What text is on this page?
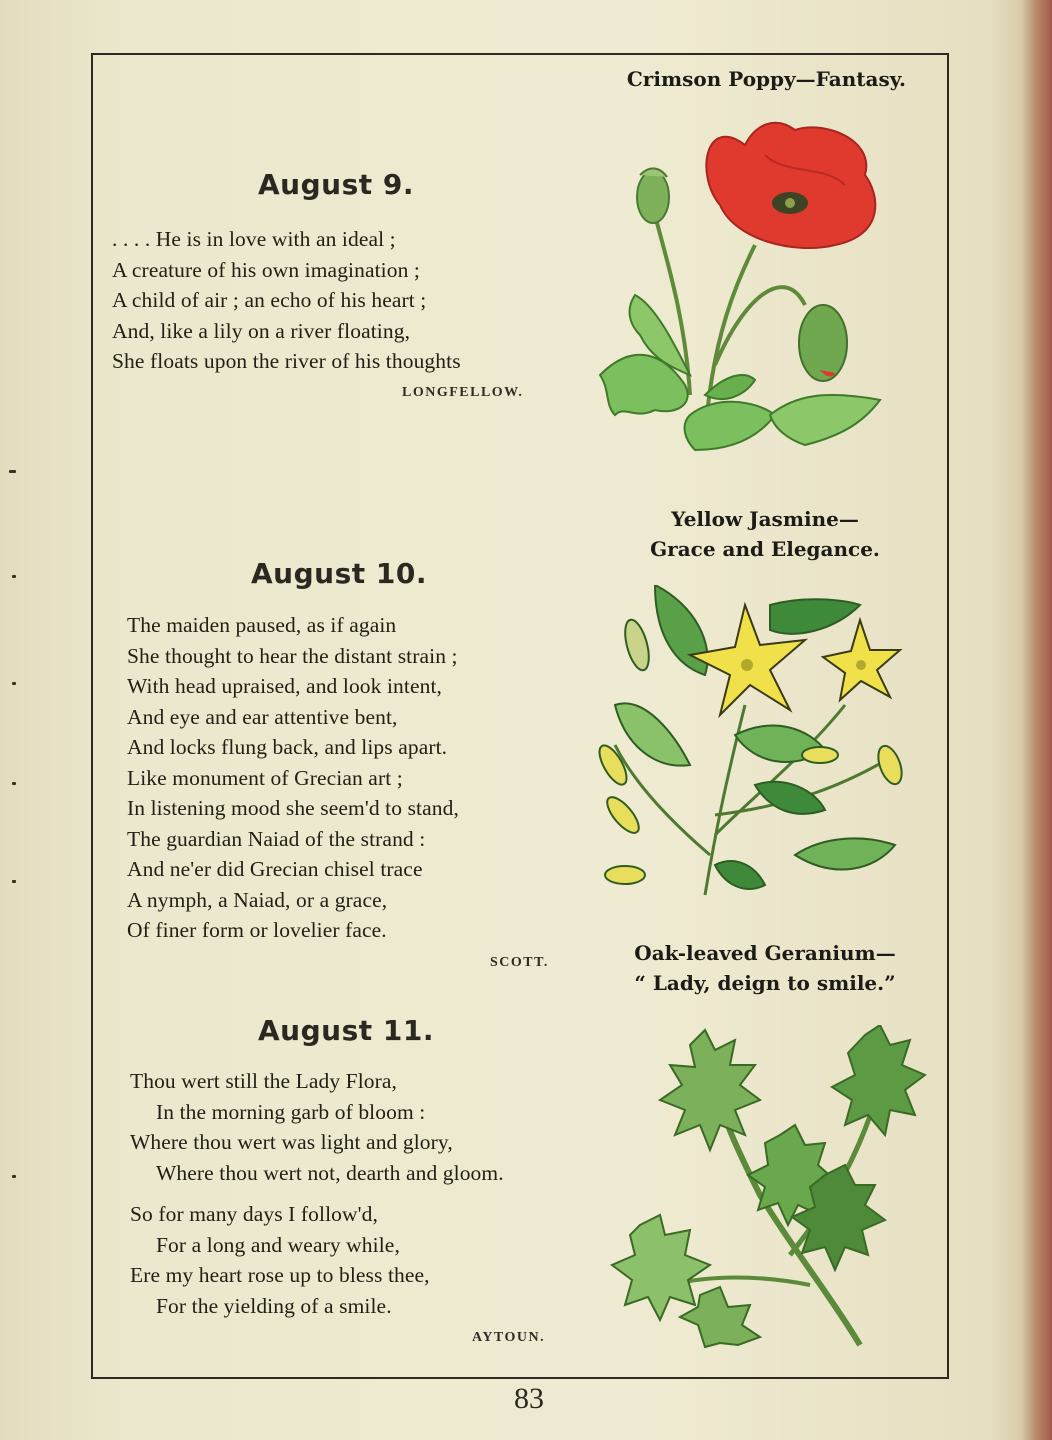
August 9.
. . . . He is in love with an ideal ;
A creature of his own imagination ;
A child of air ; an echo of his heart ;
And, like a lily on a river floating,
She floats upon the river of his thoughts
LONGFELLOW.
August 10.
The maiden paused, as if again
She thought to hear the distant strain ;
With head upraised, and look intent,
And eye and ear attentive bent,
And locks flung back, and lips apart.
Like monument of Grecian art ;
In listening mood she seem'd to stand,
The guardian Naiad of the strand :
And ne'er did Grecian chisel trace
A nymph, a Naiad, or a grace,
Of finer form or lovelier face.
SCOTT.
August 11.
Thou wert still the Lady Flora,
In the morning garb of bloom :
Where thou wert was light and glory,
Where thou wert not, dearth and gloom.
So for many days I follow'd,
For a long and weary while,
Ere my heart rose up to bless thee,
For the yielding of a smile.
AYTOUN.
Crimson Poppy—Fantasy.
Yellow Jasmine—
Grace and Elegance.
Oak-leaved Geranium—
“ Lady, deign to smile.”
83
